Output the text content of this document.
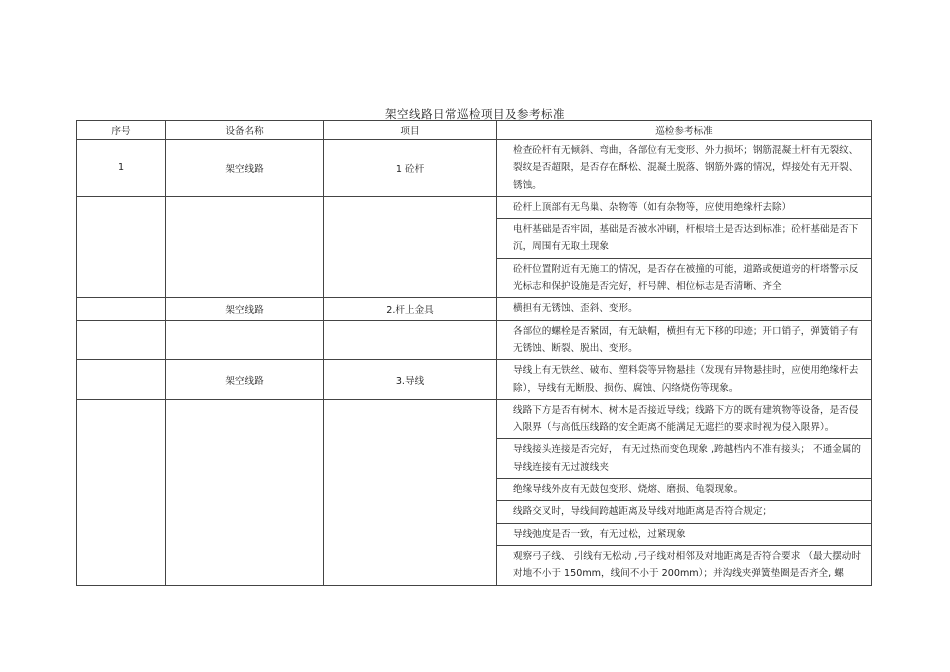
架空线路日常巡检项目及参考标准
序号	设备名称	项目	巡检参考标准
1	架空线路	1 砼杆	检查砼杆有无倾斜、弯曲，各部位有无变形、外力损坏；钢筋混凝土杆有无裂纹、裂纹是否超限，是否存在酥松、混凝土脱落、钢筋外露的情况，焊接处有无开裂、锈蚀。
			砼杆上顶部有无鸟巢、杂物等（如有杂物等，应使用绝缘杆去除）
			电杆基础是否牢固，基础是否被水冲刷，杆根培土是否达到标准；砼杆基础是否下沉，周围有无取土现象
			砼杆位置附近有无施工的情况，是否存在被撞的可能，道路或便道旁的杆塔警示反光标志和保护设施是否完好，杆号牌、相位标志是否清晰、齐全
	架空线路	2.杆上金具	横担有无锈蚀、歪斜、变形。
			各部位的螺栓是否紧固，有无缺帽，横担有无下移的印迹；开口销子，弹簧销子有无锈蚀、断裂、脱出、变形。
	架空线路	3.导线	导线上有无铁丝、破布、塑料袋等异物悬挂（发现有异物悬挂时，应使用绝缘杆去除），导线有无断股、损伤、腐蚀、闪络烧伤等现象。
			线路下方是否有树木、树木是否接近导线；线路下方的既有建筑物等设备，是否侵入限界（与高低压线路的安全距离不能满足无遮拦的要求时视为侵入限界）。
			导线接头连接是否完好， 有无过热而变色现象 ,跨越档内不准有接头； 不通金属的导线连接有无过渡线夹
			绝缘导线外皮有无鼓包变形、烧熔、磨损、龟裂现象。
			线路交叉时，导线间跨越距离及导线对地距离是否符合规定；
			导线弛度是否一致，有无过松，过紧现象
			观察弓子线、 引线有无松动 ,弓子线对相邻及对地距离是否符合要求 （最大摆动时对地不小于 150mm，线间不小于 200mm）；并沟线夹弹簧垫圈是否齐全, 螺
